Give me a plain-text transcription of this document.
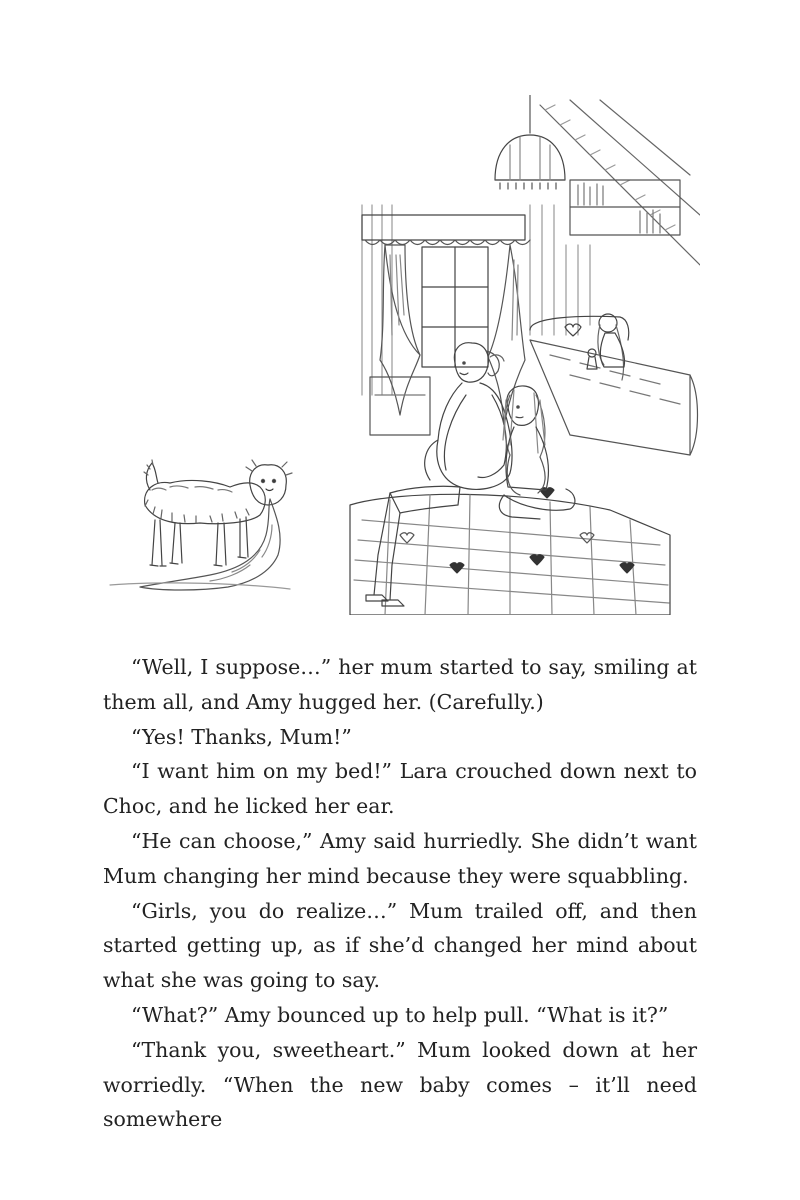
“Well, I suppose…” her mum started to say, smiling at them all, and Amy hugged her. (Carefully.)

“Yes! Thanks, Mum!”

“I want him on my bed!” Lara crouched down next to Choc, and he licked her ear.

“He can choose,” Amy said hurriedly. She didn’t want Mum changing her mind because they were squabbling.

“Girls, you do realize…” Mum trailed off, and then started getting up, as if she’d changed her mind about what she was going to say.

“What?” Amy bounced up to help pull. “What is it?”

“Thank you, sweetheart.” Mum looked down at her worriedly. “When the new baby comes – it’ll need somewhere
